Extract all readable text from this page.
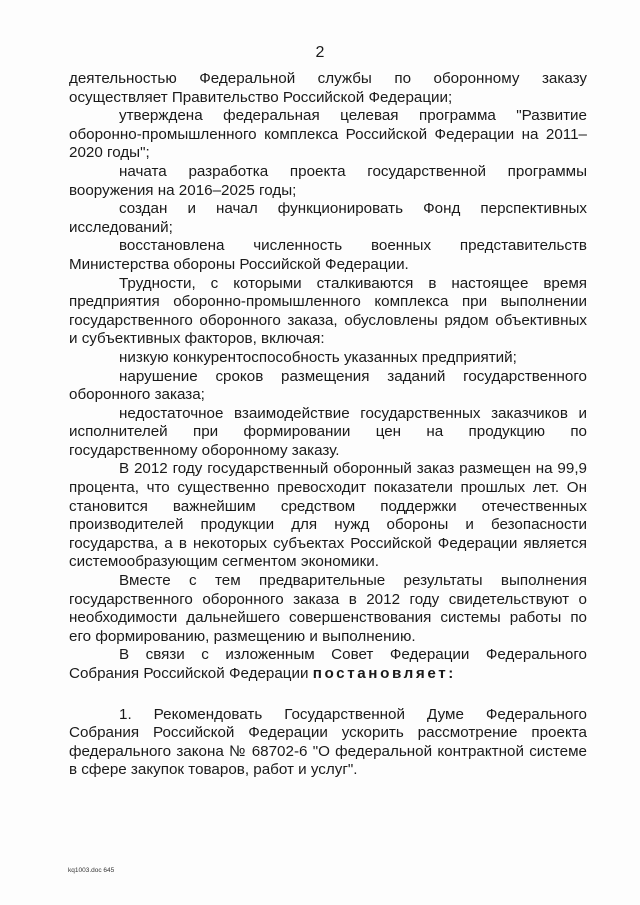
2

деятельностью Федеральной службы по оборонному заказу осуществляет Правительство Российской Федерации;

утверждена федеральная целевая программа "Развитие оборонно-промышленного комплекса Российской Федерации на 2011–2020 годы";

начата разработка проекта государственной программы вооружения на 2016–2025 годы;

создан и начал функционировать Фонд перспективных исследований;

восстановлена численность военных представительств Министерства обороны Российской Федерации.

Трудности, с которыми сталкиваются в настоящее время предприятия оборонно-промышленного комплекса при выполнении государственного оборонного заказа, обусловлены рядом объективных и субъективных факторов, включая:

низкую конкурентоспособность указанных предприятий;

нарушение сроков размещения заданий государственного оборонного заказа;

недостаточное взаимодействие государственных заказчиков и исполнителей при формировании цен на продукцию по государственному оборонному заказу.

В 2012 году государственный оборонный заказ размещен на 99,9 процента, что существенно превосходит показатели прошлых лет. Он становится важнейшим средством поддержки отечественных производителей продукции для нужд обороны и безопасности государства, а в некоторых субъектах Российской Федерации является системообразующим сегментом экономики.

Вместе с тем предварительные результаты выполнения государственного оборонного заказа в 2012 году свидетельствуют о необходимости дальнейшего совершенствования системы работы по его формированию, размещению и выполнению.

В связи с изложенным Совет Федерации Федерального Собрания Российской Федерации постановляет:

1. Рекомендовать Государственной Думе Федерального Собрания Российской Федерации ускорить рассмотрение проекта федерального закона № 68702-6 "О федеральной контрактной системе в сфере закупок товаров, работ и услуг".

kq1003.doc 645
